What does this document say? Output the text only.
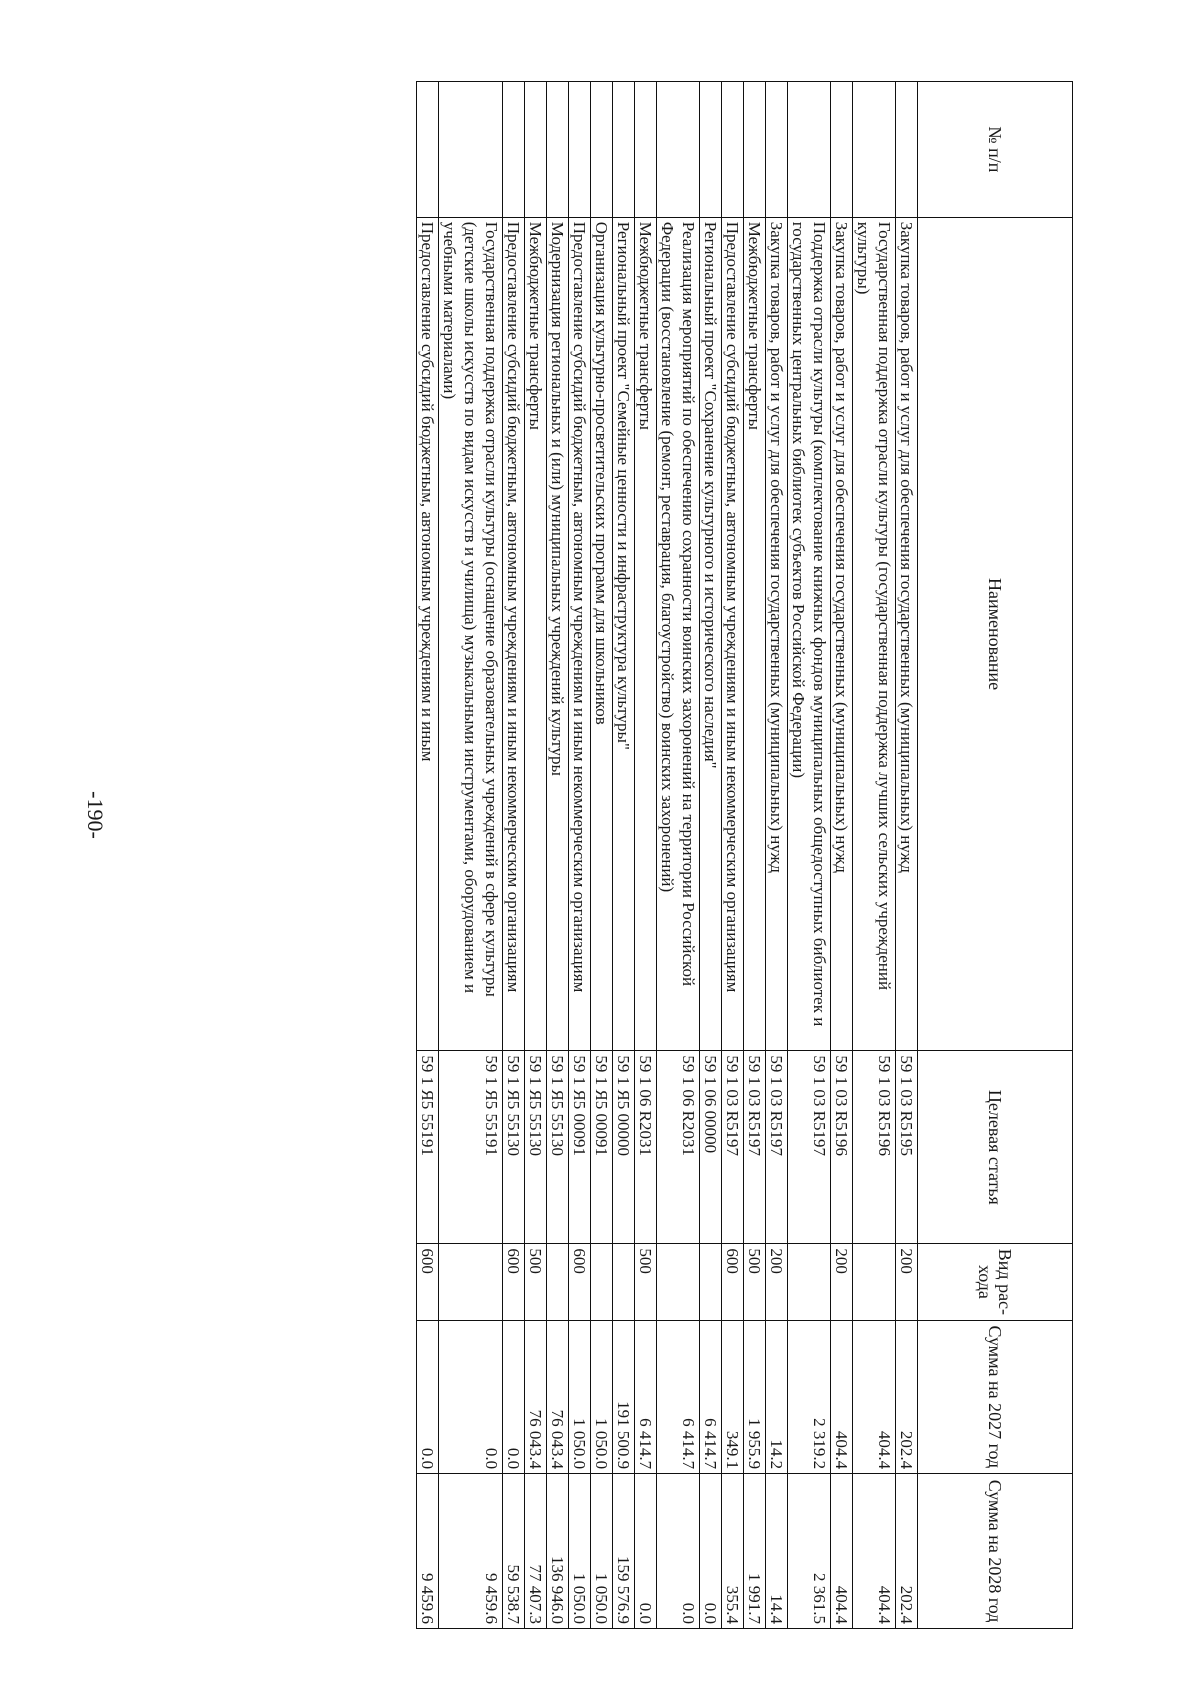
-190-
№ п/п	Наименование	Целевая статья	Вид рас-хода	Сумма на 2027 год	Сумма на 2028 год
	Закупка товаров, работ и услуг для обеспечения государственных (муниципальных) нужд	59 1 03 R5195	200	202.4	202.4
	Государственная поддержка отрасли культуры (государственная поддержка лучших сельских учреждений культуры)	59 1 03 R5196		404.4	404.4
	Закупка товаров, работ и услуг для обеспечения государственных (муниципальных) нужд	59 1 03 R5196	200	404.4	404.4
	Поддержка отрасли культуры (комплектование книжных фондов муниципальных общедоступных библиотек и государственных центральных библиотек субъектов Российской Федерации)	59 1 03 R5197		2 319.2	2 361.5
	Закупка товаров, работ и услуг для обеспечения государственных (муниципальных) нужд	59 1 03 R5197	200	14.2	14.4
	Межбюджетные трансферты	59 1 03 R5197	500	1 955.9	1 991.7
	Предоставление субсидий бюджетным, автономным учреждениям и иным некоммерческим организациям	59 1 03 R5197	600	349.1	355.4
	Региональный проект "Сохранение культурного и исторического наследия"	59 1 06 00000		6 414.7	0.0
	Реализация мероприятий по обеспечению сохранности воинских захоронений на территории Российской Федерации (восстановление (ремонт, реставрация, благоустройство) воинских захоронений)	59 1 06 R2031		6 414.7	0.0
	Межбюджетные трансферты	59 1 06 R2031	500	6 414.7	0.0
	Региональный проект "Семейные ценности и инфраструктура культуры"	59 1 Я5 00000		191 500.9	159 576.9
	Организация культурно-просветительских программ для школьников	59 1 Я5 00091		1 050.0	1 050.0
	Предоставление субсидий бюджетным, автономным учреждениям и иным некоммерческим организациям	59 1 Я5 00091	600	1 050.0	1 050.0
	Модернизация региональных и (или) муниципальных учреждений культуры	59 1 Я5 55130		76 043.4	136 946.0
	Межбюджетные трансферты	59 1 Я5 55130	500	76 043.4	77 407.3
	Предоставление субсидий бюджетным, автономным учреждениям и иным некоммерческим организациям	59 1 Я5 55130	600	0.0	59 538.7
	Государственная поддержка отрасли культуры (оснащение образовательных учреждений в сфере культуры (детские школы искусств по видам искусств и училища) музыкальными инструментами, оборудованием и учебными материалами)	59 1 Я5 55191		0.0	9 459.6
	Предоставление субсидий бюджетным, автономным учреждениям и иным	59 1 Я5 55191	600	0.0	9 459.6
